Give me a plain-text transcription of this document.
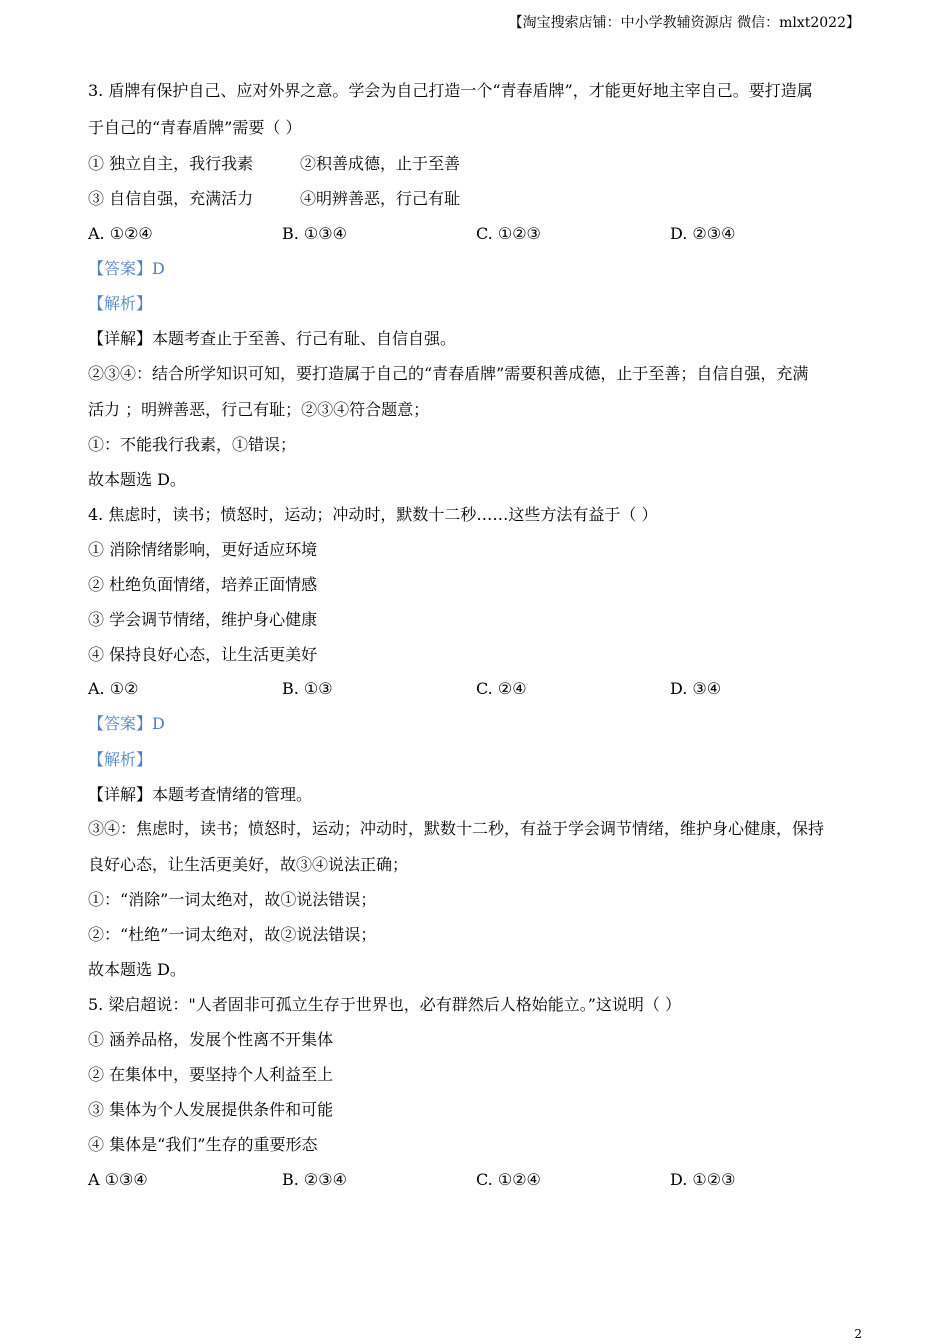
【淘宝搜索店铺：中小学教辅资源店 微信：mlxt2022】
3. 盾牌有保护自己、应对外界之意。学会为自己打造一个“青春盾牌”，才能更好地主宰自己。要打造属
于自己的“青春盾牌”需要（ ）
① 独立自主，我行我素	②积善成德，止于至善
③ 自信自强，充满活力	④明辨善恶，行己有耻
A. ①②④	B. ①③④	C. ①②③	D. ②③④
【答案】D
【解析】
【详解】本题考查止于至善、行己有耻、自信自强。
②③④：结合所学知识可知，要打造属于自己的“青春盾牌”需要积善成德，止于至善；自信自强，充满
活力 ；明辨善恶，行己有耻；②③④符合题意；
①：不能我行我素，①错误；
故本题选 D。
4. 焦虑时，读书；愤怒时，运动；冲动时，默数十二秒……这些方法有益于（ ）
① 消除情绪影响，更好适应环境
② 杜绝负面情绪，培养正面情感
③ 学会调节情绪，维护身心健康
④ 保持良好心态，让生活更美好
A. ①②	B. ①③	C. ②④	D. ③④
【答案】D
【解析】
【详解】本题考查情绪的管理。
③④：焦虑时，读书；愤怒时，运动；冲动时，默数十二秒，有益于学会调节情绪，维护身心健康，保持
良好心态，让生活更美好，故③④说法正确；
①：“消除”一词太绝对，故①说法错误；
②：“杜绝”一词太绝对，故②说法错误；
故本题选 D。
5. 梁启超说："人者固非可孤立生存于世界也，必有群然后人格始能立。”这说明（ ）
① 涵养品格，发展个性离不开集体
② 在集体中，要坚持个人利益至上
③ 集体为个人发展提供条件和可能
④ 集体是“我们”生存的重要形态
A ①③④	B. ②③④	C. ①②④	D. ①②③
2
